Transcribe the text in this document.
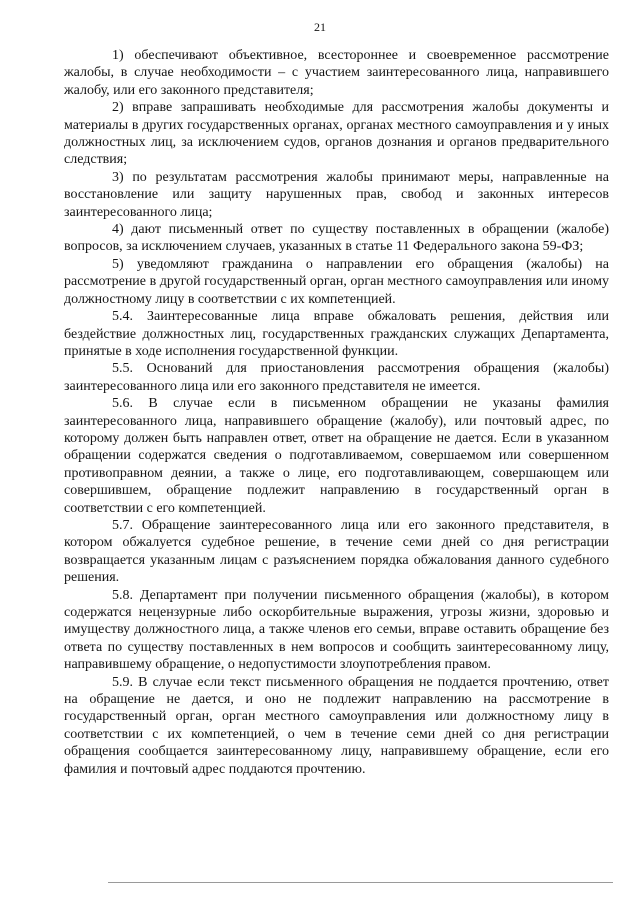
21

1) обеспечивают объективное, всестороннее и своевременное рассмотрение жалобы, в случае необходимости – с участием заинтересованного лица, направившего жалобу, или его законного представителя;

2) вправе запрашивать необходимые для рассмотрения жалобы документы и материалы в других государственных органах, органах местного самоуправления и у иных должностных лиц, за исключением судов, органов дознания и органов предварительного следствия;

3) по результатам рассмотрения жалобы принимают меры, направленные на восстановление или защиту нарушенных прав, свобод и законных интересов заинтересованного лица;

4) дают письменный ответ по существу поставленных в обращении (жалобе) вопросов, за исключением случаев, указанных в статье 11 Федерального закона 59-ФЗ;

5) уведомляют гражданина о направлении его обращения (жалобы) на рассмотрение в другой государственный орган, орган местного самоуправления или иному должностному лицу в соответствии с их компетенцией.

5.4. Заинтересованные лица вправе обжаловать решения, действия или бездействие должностных лиц, государственных гражданских служащих Департамента, принятые в ходе исполнения государственной функции.

5.5. Оснований для приостановления рассмотрения обращения (жалобы) заинтересованного лица или его законного представителя не имеется.

5.6. В случае если в письменном обращении не указаны фамилия заинтересованного лица, направившего обращение (жалобу), или почтовый адрес, по которому должен быть направлен ответ, ответ на обращение не дается. Если в указанном обращении содержатся сведения о подготавливаемом, совершаемом или совершенном противоправном деянии, а также о лице, его подготавливающем, совершающем или совершившем, обращение подлежит направлению в государственный орган в соответствии с его компетенцией.

5.7. Обращение заинтересованного лица или его законного представителя, в котором обжалуется судебное решение, в течение семи дней со дня регистрации возвращается указанным лицам с разъяснением порядка обжалования данного судебного решения.

5.8. Департамент при получении письменного обращения (жалобы), в котором содержатся нецензурные либо оскорбительные выражения, угрозы жизни, здоровью и имуществу должностного лица, а также членов его семьи, вправе оставить обращение без ответа по существу поставленных в нем вопросов и сообщить заинтересованному лицу, направившему обращение, о недопустимости злоупотребления правом.

5.9. В случае если текст письменного обращения не поддается прочтению, ответ на обращение не дается, и оно не подлежит направлению на рассмотрение в государственный орган, орган местного самоуправления или должностному лицу в соответствии с их компетенцией, о чем в течение семи дней со дня регистрации обращения сообщается заинтересованному лицу, направившему обращение, если его фамилия и почтовый адрес поддаются прочтению.
